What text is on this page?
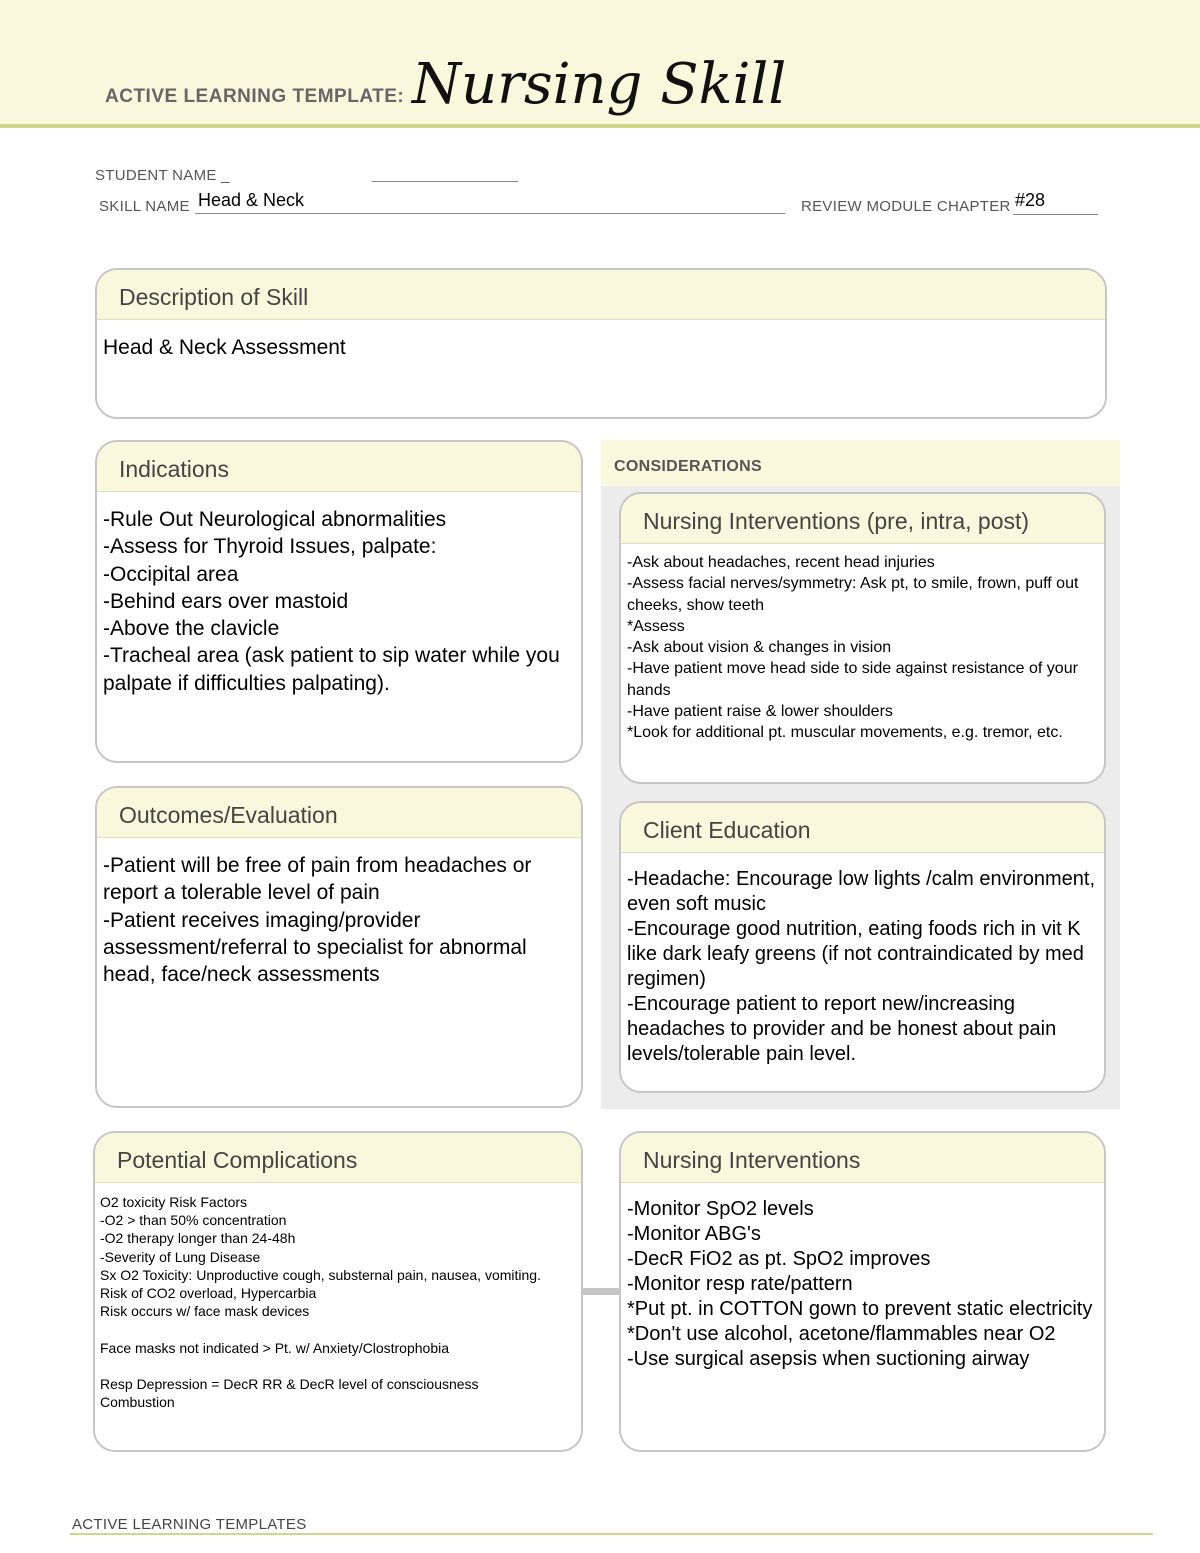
ACTIVE LEARNING TEMPLATE: Nursing Skill
STUDENT NAME _
SKILL NAME Head & Neck	REVIEW MODULE CHAPTER #28
Description of Skill
Head & Neck Assessment
Indications
-Rule Out Neurological abnormalities
-Assess for Thyroid Issues, palpate:
-Occipital area
-Behind ears over mastoid
-Above the clavicle
-Tracheal area (ask patient to sip water while you palpate if difficulties palpating).
Outcomes/Evaluation
-Patient will be free of pain from headaches or report a tolerable level of pain
-Patient receives imaging/provider assessment/referral to specialist for abnormal head, face/neck assessments
CONSIDERATIONS
Nursing Interventions (pre, intra, post)
-Ask about headaches, recent head injuries
-Assess facial nerves/symmetry: Ask pt, to smile, frown, puff out cheeks, show teeth
*Assess
-Ask about vision & changes in vision
-Have patient move head side to side against resistance of your hands
-Have patient raise & lower shoulders
*Look for additional pt. muscular movements, e.g. tremor, etc.
Client Education
-Headache: Encourage low lights /calm environment, even soft music
-Encourage good nutrition, eating foods rich in vit K like dark leafy greens (if not contraindicated by med regimen)
-Encourage patient to report new/increasing headaches to provider and be honest about pain levels/tolerable pain level.
Potential Complications
O2 toxicity Risk Factors
-O2 > than 50% concentration
-O2 therapy longer than 24-48h
-Severity of Lung Disease
Sx O2 Toxicity: Unproductive cough, substernal pain, nausea, vomiting.
Risk of CO2 overload, Hypercarbia
Risk occurs w/ face mask devices
Face masks not indicated > Pt. w/ Anxiety/Clostrophobia
Resp Depression = DecR RR & DecR level of consciousness
Combustion
Nursing Interventions
-Monitor SpO2 levels
-Monitor ABG's
-DecR FiO2 as pt. SpO2 improves
-Monitor resp rate/pattern
*Put pt. in COTTON gown to prevent static electricity
*Don't use alcohol, acetone/flammables near O2
-Use surgical asepsis when suctioning airway
ACTIVE LEARNING TEMPLATES
